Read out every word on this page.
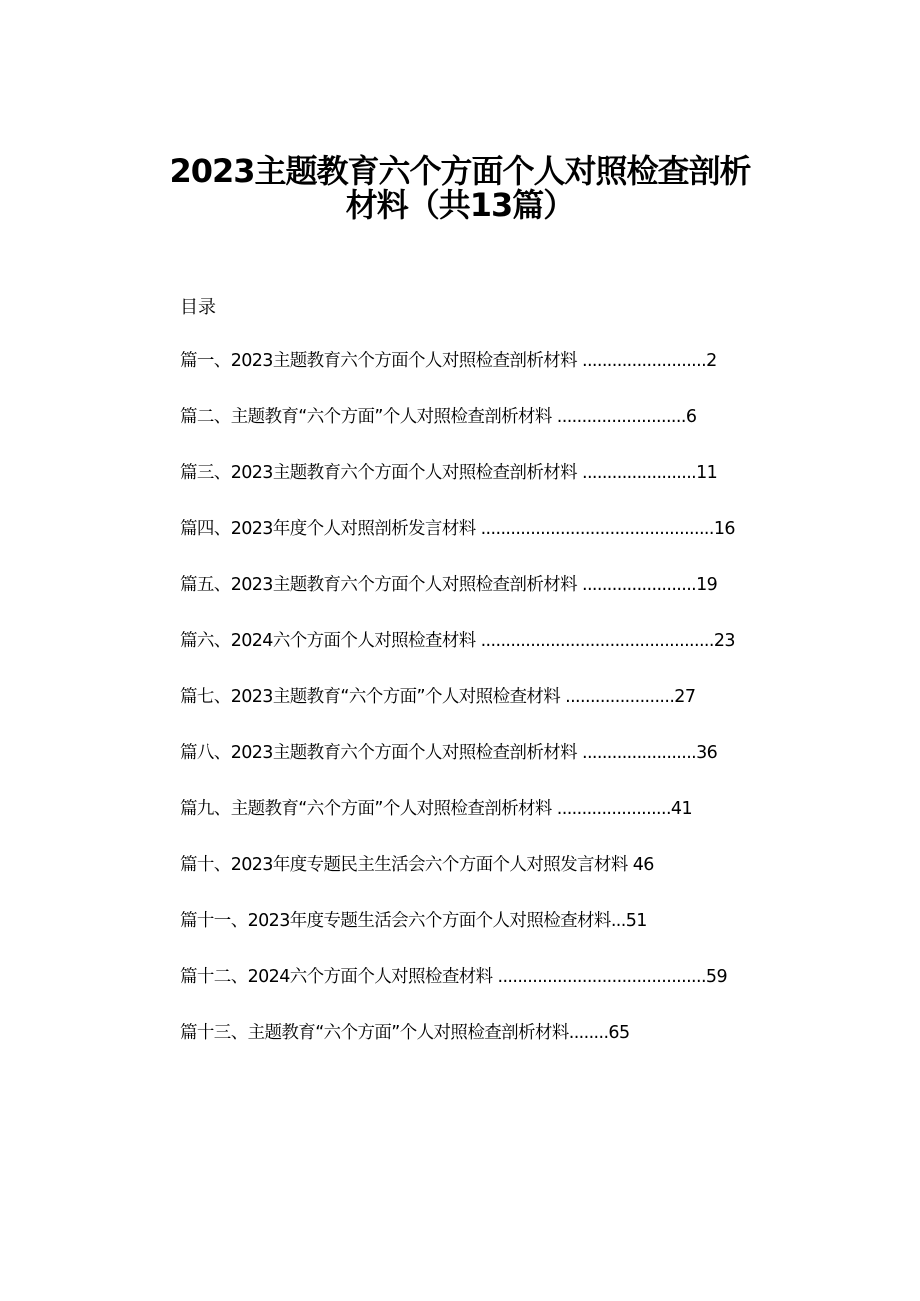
2023主题教育六个方面个人对照检查剖析
材料（共13篇）
目录
篇一、2023主题教育六个方面个人对照检查剖析材料 .........................2
篇二、主题教育“六个方面”个人对照检查剖析材料 ..........................6
篇三、2023主题教育六个方面个人对照检查剖析材料 .......................11
篇四、2023年度个人对照剖析发言材料 ...............................................16
篇五、2023主题教育六个方面个人对照检查剖析材料 .......................19
篇六、2024六个方面个人对照检查材料 ...............................................23
篇七、2023主题教育“六个方面”个人对照检查材料 ......................27
篇八、2023主题教育六个方面个人对照检查剖析材料 .......................36
篇九、主题教育“六个方面”个人对照检查剖析材料 .......................41
篇十、2023年度专题民主生活会六个方面个人对照发言材料 46
篇十一、2023年度专题生活会六个方面个人对照检查材料...51
篇十二、2024六个方面个人对照检查材料 ..........................................59
篇十三、主题教育“六个方面”个人对照检查剖析材料........65
